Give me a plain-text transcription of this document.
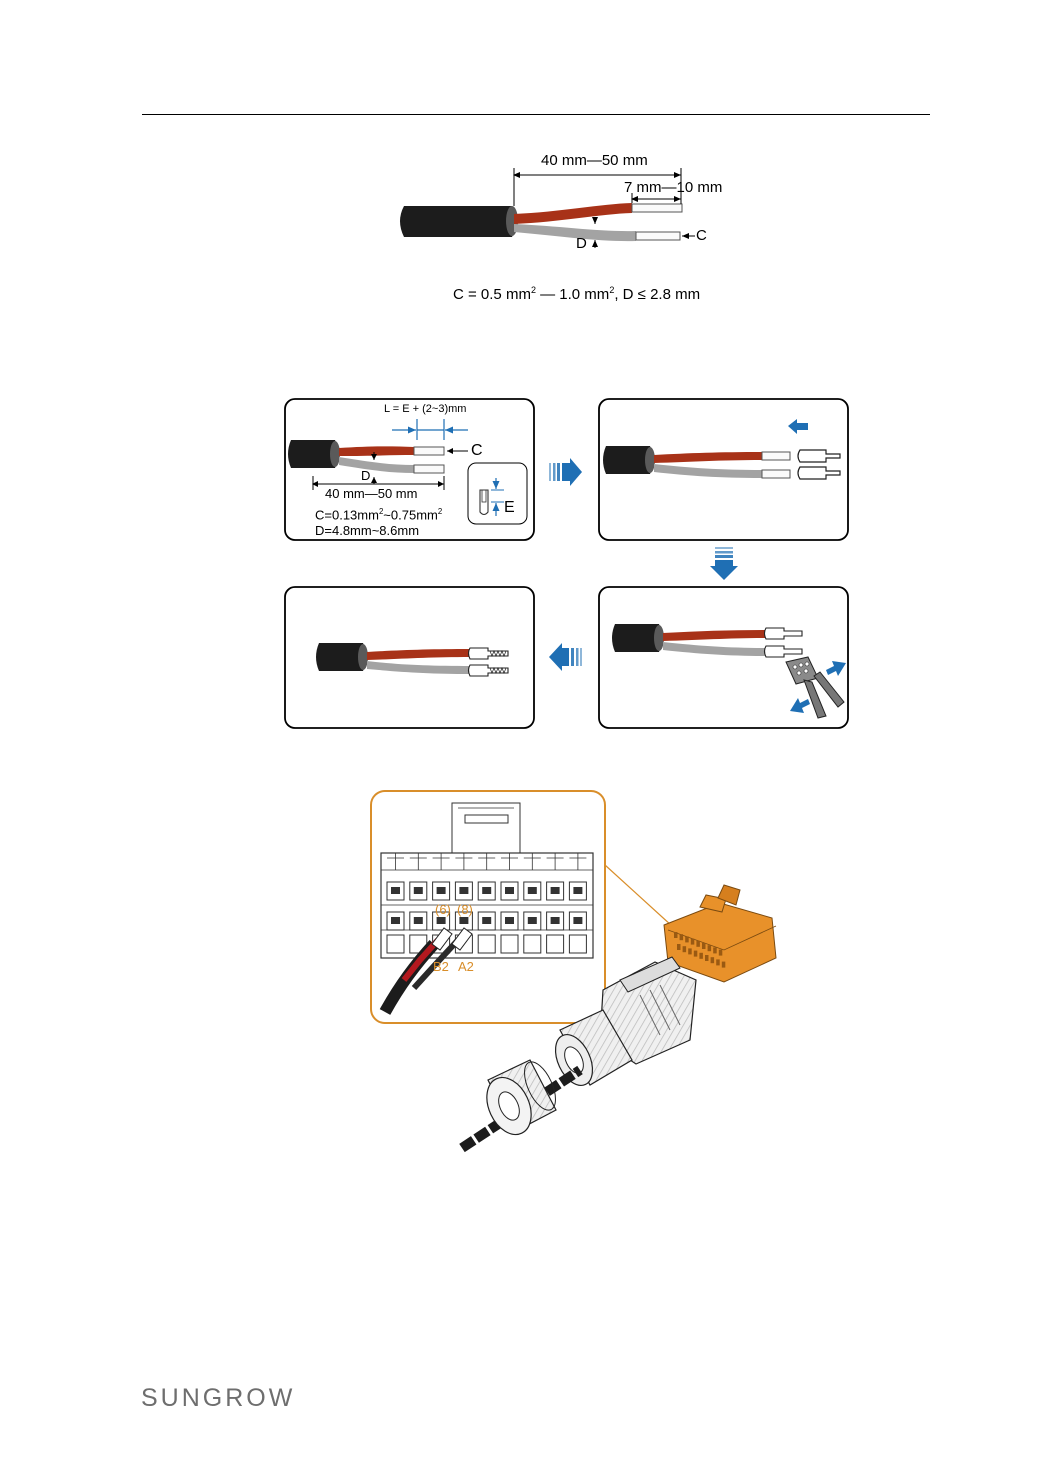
40 mm—50 mm
7 mm—10 mm
D	C
C = 0.5 $mm^2$ — 1.0 $mm^2$, D ≤ 2.8 mm
L = E + (2~3)mm
C
D
E
40 mm—50 mm
$C=0.13mm^2\sim 0.75mm^2$
D=4.8mm~8.6mm
(6) (8)
B2 A2
SUNGROW
